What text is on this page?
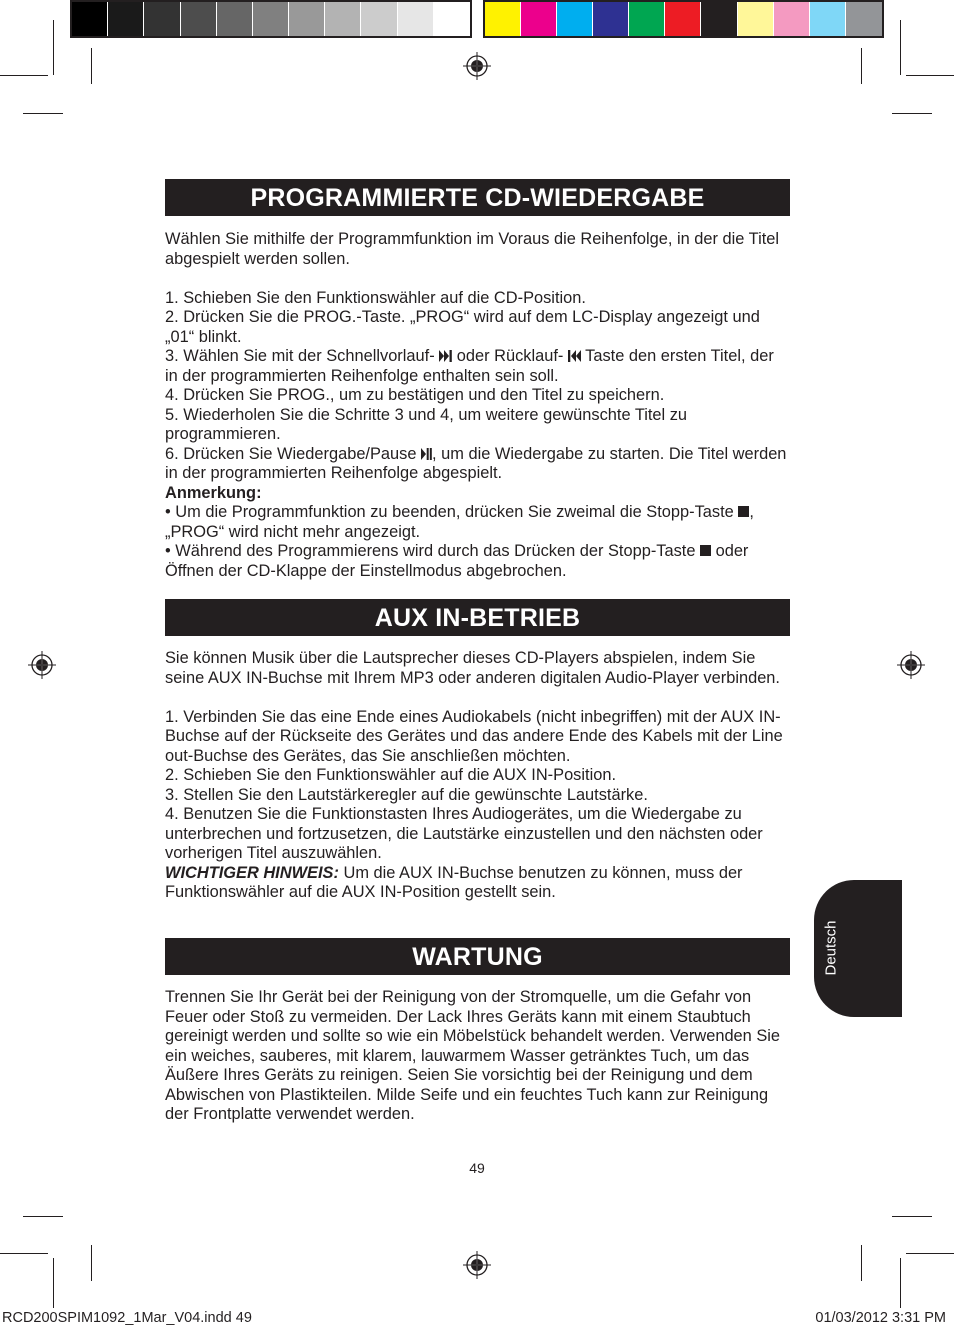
PROGRAMMIERTE CD-WIEDERGABE

Wählen Sie mithilfe der Programmfunktion im Voraus die Reihenfolge, in der die Titel abgespielt werden sollen.

1. Schieben Sie den Funktionswähler auf die CD-Position.

2. Drücken Sie die PROG.-Taste. „PROG“ wird auf dem LC-Display angezeigt und „01“ blinkt.

3. Wählen Sie mit der Schnellvorlauf-  oder Rücklauf-  Taste den ersten Titel, der in der programmierten Reihenfolge enthalten sein soll.

4. Drücken Sie PROG., um zu bestätigen und den Titel zu speichern.

5. Wiederholen Sie die Schritte 3 und 4, um weitere gewünschte Titel zu programmieren.

6. Drücken Sie Wiedergabe/Pause , um die Wiedergabe zu starten. Die Titel werden in der programmierten Reihenfolge abgespielt.

Anmerkung:

• Um die Programmfunktion zu beenden, drücken Sie zweimal die Stopp-Taste , „PROG“ wird nicht mehr angezeigt.

• Während des Programmierens wird durch das Drücken der Stopp-Taste  oder Öffnen der CD-Klappe der Einstellmodus abgebrochen.

AUX IN-BETRIEB

Sie können Musik über die Lautsprecher dieses CD-Players abspielen, indem Sie seine AUX IN-Buchse mit Ihrem MP3 oder anderen digitalen Audio-Player verbinden.

1. Verbinden Sie das eine Ende eines Audiokabels (nicht inbegriffen) mit der AUX IN-Buchse auf der Rückseite des Gerätes und das andere Ende des Kabels mit der Line out-Buchse des Gerätes, das Sie anschließen möchten.

2. Schieben Sie den Funktionswähler auf die AUX IN-Position.

3. Stellen Sie den Lautstärkeregler auf die gewünschte Lautstärke.

4. Benutzen Sie die Funktionstasten Ihres Audiogerätes, um die Wiedergabe zu unterbrechen und fortzusetzen, die Lautstärke einzustellen und den nächsten oder vorherigen Titel auszuwählen.

WICHTIGER HINWEIS: Um die AUX IN-Buchse benutzen zu können, muss der Funktionswähler auf die AUX IN-Position gestellt sein.

WARTUNG

Trennen Sie Ihr Gerät bei der Reinigung von der Stromquelle, um die Gefahr von Feuer oder Stoß zu vermeiden. Der Lack Ihres Geräts kann mit einem Staubtuch gereinigt werden und sollte so wie ein Möbelstück behandelt werden. Verwenden Sie ein weiches, sauberes, mit klarem, lauwarmem Wasser getränktes Tuch, um das Äußere Ihres Geräts zu reinigen. Seien Sie vorsichtig bei der Reinigung und dem Abwischen von Plastikteilen. Milde Seife und ein feuchtes Tuch kann zur Reinigung der Frontplatte verwendet werden.

Deutsch
49
RCD200SPIM1092_1Mar_V04.indd 49	01/03/2012 3:31 PM
